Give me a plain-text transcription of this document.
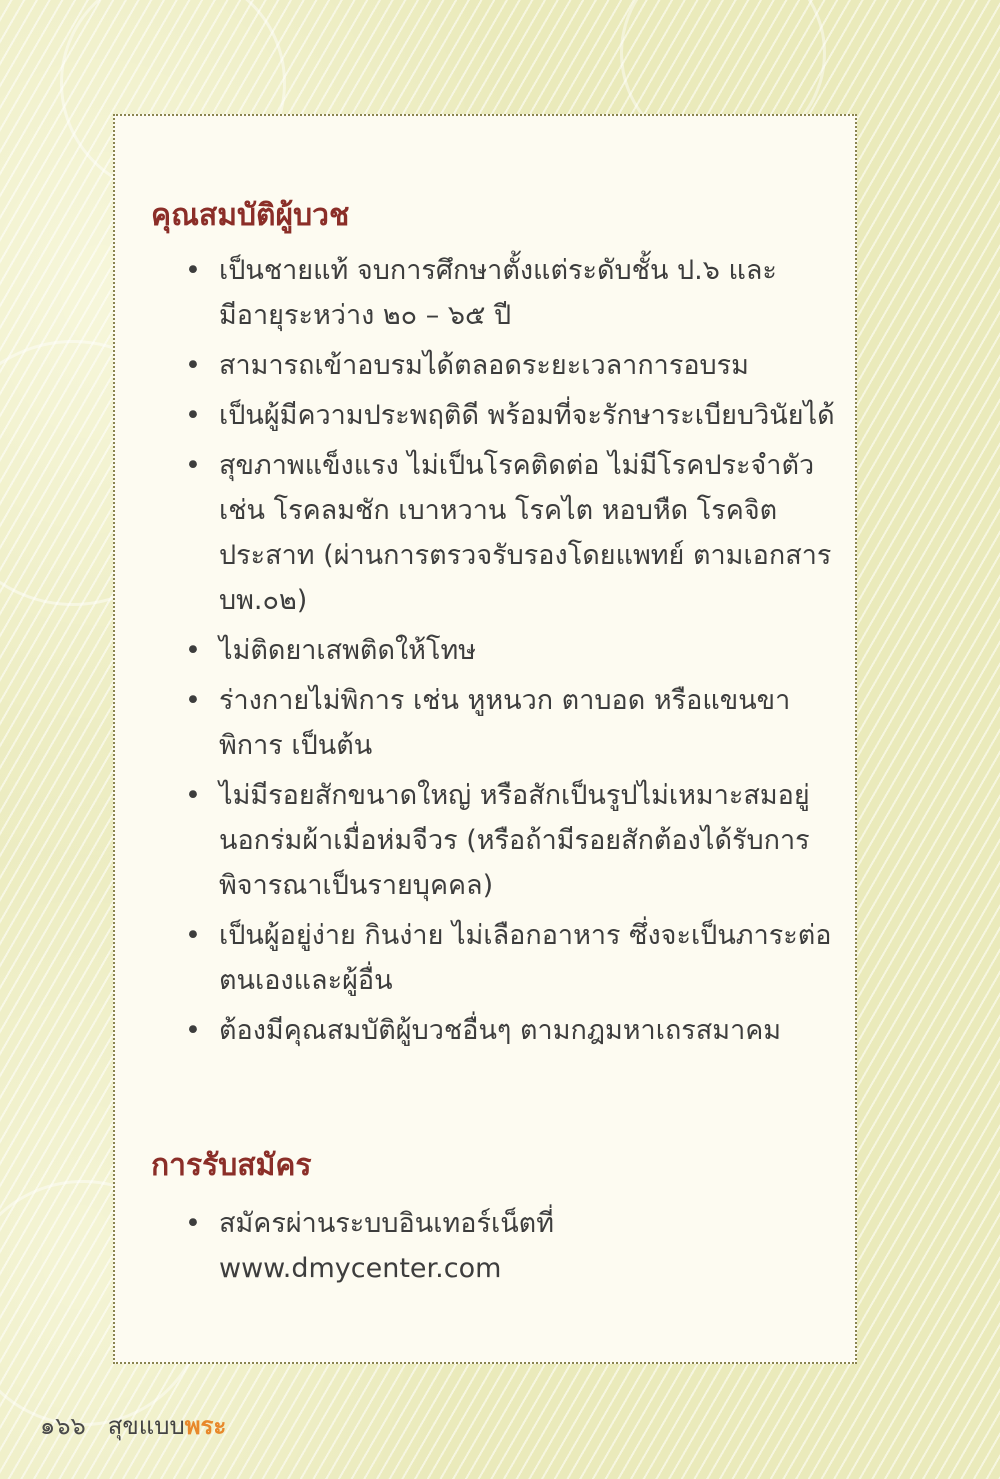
คุณสมบัติผู้บวช
• เป็นชายแท้ จบการศึกษาตั้งแต่ระดับชั้น ป.๖ และมีอายุระหว่าง ๒๐ – ๖๕ ปี
• สามารถเข้าอบรมได้ตลอดระยะเวลาการอบรม
• เป็นผู้มีความประพฤติดี พร้อมที่จะรักษาระเบียบวินัยได้
• สุขภาพแข็งแรง ไม่เป็นโรคติดต่อ ไม่มีโรคประจำตัว เช่น โรคลมชัก เบาหวาน โรคไต หอบหืด โรคจิตประสาท (ผ่านการตรวจรับรองโดยแพทย์ ตามเอกสาร บพ.๐๒)
• ไม่ติดยาเสพติดให้โทษ
• ร่างกายไม่พิการ เช่น หูหนวก ตาบอด หรือแขนขาพิการ เป็นต้น
• ไม่มีรอยสักขนาดใหญ่ หรือสักเป็นรูปไม่เหมาะสมอยู่นอกร่มผ้าเมื่อห่มจีวร (หรือถ้ามีรอยสักต้องได้รับการพิจารณาเป็นรายบุคคล)
• เป็นผู้อยู่ง่าย กินง่าย ไม่เลือกอาหาร ซึ่งจะเป็นภาระต่อตนเองและผู้อื่น
• ต้องมีคุณสมบัติผู้บวชอื่นๆ ตามกฎมหาเถรสมาคม
การรับสมัคร
• สมัครผ่านระบบอินเทอร์เน็ตที่ www.dmycenter.com
๑๖๖ สุขแบบพระ
